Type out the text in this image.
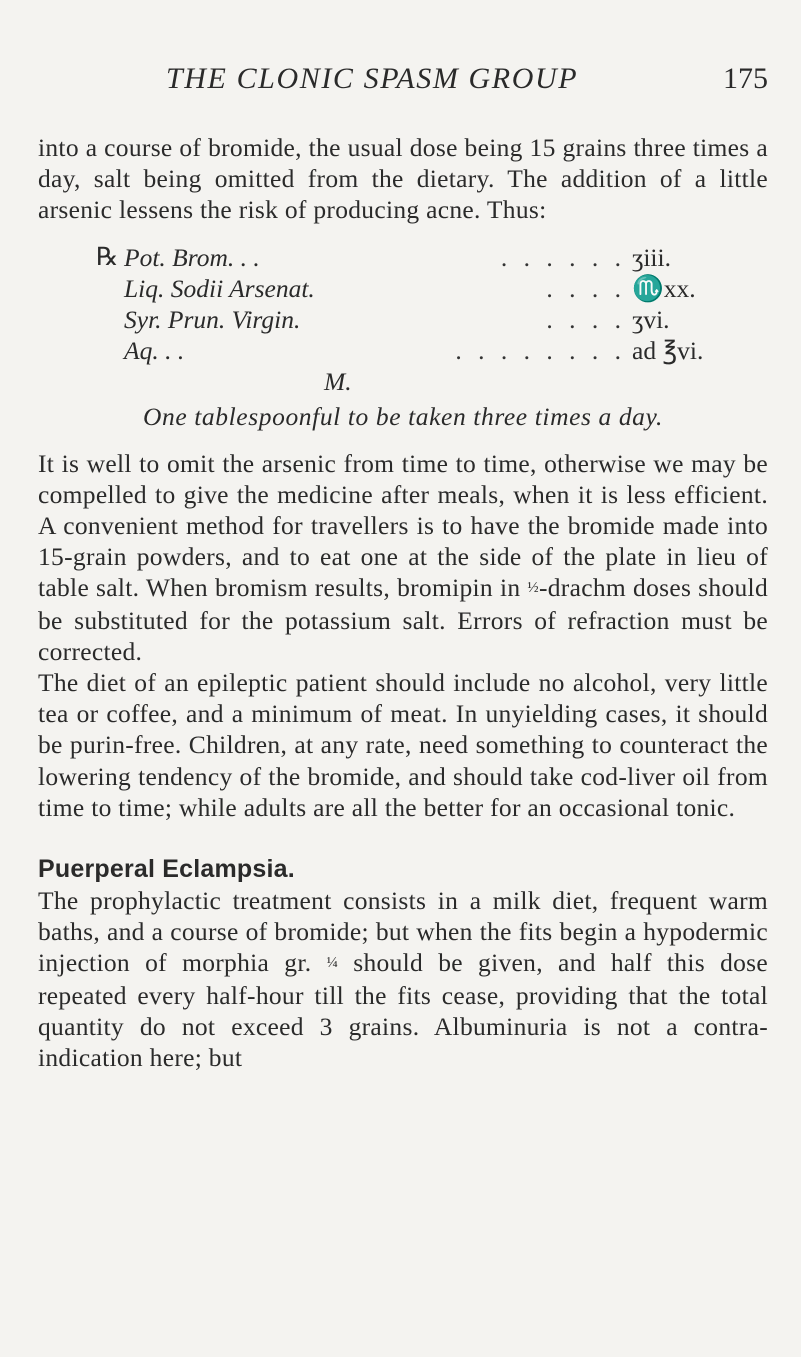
THE CLONIC SPASM GROUP	175

into a course of bromide, the usual dose being 15 grains three times a day, salt being omitted from the dietary. The addition of a little arsenic lessens the risk of producing acne. Thus:

℞ Pot. Brom. . .	. . . . . . ʒiii.
Liq. Sodii Arsenat.	. . . . ♏xx.
Syr. Prun. Virgin.	. . . . ʒvi.
Aq. . .	. . . . . . . . ad ℥vi.
M.
One tablespoonful to be taken three times a day.

It is well to omit the arsenic from time to time, otherwise we may be compelled to give the medicine after meals, when it is less efficient. A convenient method for travellers is to have the bromide made into 15-grain powders, and to eat one at the side of the plate in lieu of table salt. When bromism results, bromipin in ½-drachm doses should be substituted for the potassium salt. Errors of refraction must be corrected.

The diet of an epileptic patient should include no alcohol, very little tea or coffee, and a minimum of meat. In unyielding cases, it should be purin-free. Children, at any rate, need something to counteract the lowering tendency of the bromide, and should take cod-liver oil from time to time; while adults are all the better for an occasional tonic.

Puerperal Eclampsia.

The prophylactic treatment consists in a milk diet, frequent warm baths, and a course of bromide; but when the fits begin a hypodermic injection of morphia gr. ¼ should be given, and half this dose repeated every half-hour till the fits cease, providing that the total quantity do not exceed 3 grains. Albuminuria is not a contra-indication here; but
